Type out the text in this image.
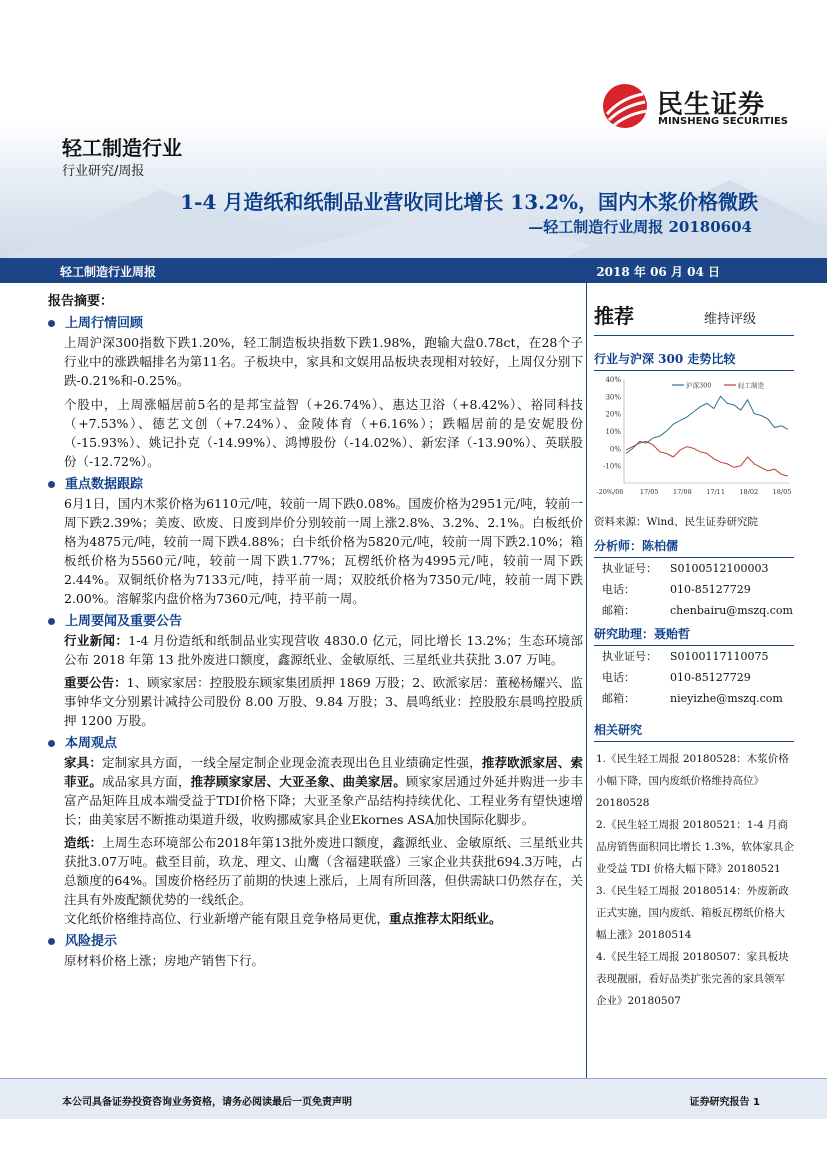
轻工制造行业
行业研究/周报
1-4 月造纸和纸制品业营收同比增长 13.2%，国内木浆价格微跌
—轻工制造行业周报 20180604
民生证券
MINSHENG SECURITIES
轻工制造行业周报	2018 年 06 月 04 日
报告摘要：
上周行情回顾

上周沪深300指数下跌1.20%，轻工制造板块指数下跌1.98%，跑输大盘0.78ct，在28个子行业中的涨跌幅排名为第11名。子板块中，家具和文娱用品板块表现相对较好，上周仅分别下跌-0.21%和-0.25%。

个股中，上周涨幅居前5名的是邦宝益智（+26.74%）、惠达卫浴（+8.42%）、裕同科技（+7.53%）、德艺文创（+7.24%）、金陵体育（+6.16%）；跌幅居前的是安妮股份（-15.93%）、姚记扑克（-14.99%）、鸿博股份（-14.02%）、新宏泽（-13.90%）、英联股份（-12.72%）。

重点数据跟踪

6月1日，国内木浆价格为6110元/吨，较前一周下跌0.08%。国废价格为2951元/吨，较前一周下跌2.39%；美废、欧废、日废到岸价分别较前一周上涨2.8%、3.2%、2.1%。白板纸价格为4875元/吨，较前一周下跌4.88%；白卡纸价格为5820元/吨，较前一周下跌2.10%；箱板纸价格为5560元/吨，较前一周下跌1.77%；瓦楞纸价格为4995元/吨，较前一周下跌2.44%。双铜纸价格为7133元/吨，持平前一周；双胶纸价格为7350元/吨，较前一周下跌2.00%。溶解浆内盘价格为7360元/吨，持平前一周。

上周要闻及重要公告

行业新闻：1-4 月份造纸和纸制品业实现营收 4830.0 亿元，同比增长 13.2%；生态环境部公布 2018 年第 13 批外废进口额度，鑫源纸业、金敏原纸、三星纸业共获批 3.07 万吨。

重要公告：1、顾家家居：控股股东顾家集团质押 1869 万股；2、欧派家居：董秘杨耀兴、监事钟华文分别累计减持公司股份 8.00 万股、9.84 万股；3、晨鸣纸业：控股股东晨鸣控股质押 1200 万股。

本周观点

家具：定制家具方面，一线全屋定制企业现金流表现出色且业绩确定性强，推荐欧派家居、索菲亚。成品家具方面，推荐顾家家居、大亚圣象、曲美家居。顾家家居通过外延并购进一步丰富产品矩阵且成本端受益于TDI价格下降；大亚圣象产品结构持续优化、工程业务有望快速增长；曲美家居不断推动渠道升级，收购挪威家具企业Ekornes ASA加快国际化脚步。

造纸：上周生态环境部公布2018年第13批外废进口额度，鑫源纸业、金敏原纸、三星纸业共获批3.07万吨。截至目前，玖龙、理文、山鹰（含福建联盛）三家企业共获批694.3万吨，占总额度的64%。国废价格经历了前期的快速上涨后，上周有所回落，但供需缺口仍然存在，关注具有外废配额优势的一线纸企。

文化纸价格维持高位、行业新增产能有限且竞争格局更优，重点推荐太阳纸业。

风险提示

原材料价格上涨；房地产销售下行。

推荐	维持评级
行业与沪深 300 走势比较
40%
30%
20%
10%
0%
-10%
-20%/06	17/05 17/08 17/11 18/02 18/05
沪深300	轻工制造
资料来源：Wind、民生证券研究院
分析师：陈柏儒
执业证号：	S0100512100003
电话：	010-85127729
邮箱：	chenbairu@mszq.com
研究助理：聂贻哲
执业证号：	S0100117110075
电话：	010-85127729
邮箱：	nieyizhe@mszq.com
相关研究
1.《民生轻工周报 20180528：木浆价格小幅下降，国内废纸价格维持高位》20180528
2.《民生轻工周报 20180521：1-4 月商品房销售面积同比增长 1.3%，软体家具企业受益 TDI 价格大幅下降》20180521
3.《民生轻工周报 20180514：外废新政正式实施，国内废纸、箱板瓦楞纸价格大幅上涨》20180514
4.《民生轻工周报 20180507：家具板块表现靓丽，看好品类扩张完善的家具领军企业》20180507
本公司具备证券投资咨询业务资格，请务必阅读最后一页免责声明	证券研究报告 1
